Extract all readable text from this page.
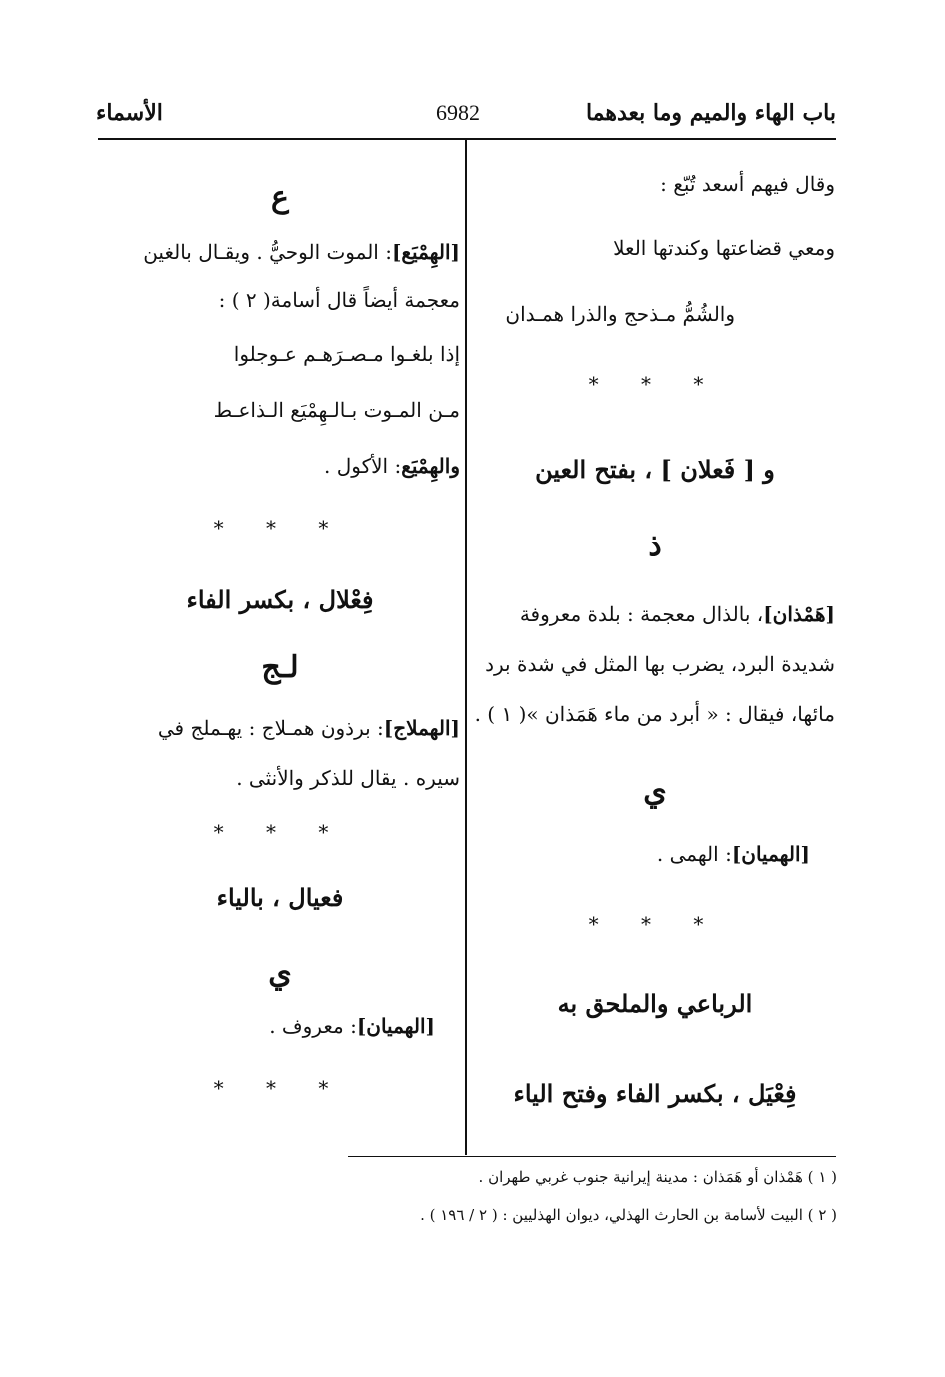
باب الهاء والميم وما بعدهما
6982
الأسماء
وقال فيهم أسعد تُبّع :
ومعي قضاعتها وكندتها العلا
والشُمُّ مـذحج والذرا همـدان
* * *
و [ فَعلان ] ، بفتح العين
ذ
[هَمْذان]، بالذال معجمة : بلدة معروفة
شديدة البرد، يضرب بها المثل في شدة برد
مائها، فيقال : « أبرد من ماء هَمَذان »( ١ ) .
ي
[الهميان]: الهمى .
* * *
الرباعي والملحق به
فِعْيَل ، بكسر الفاء وفتح الياء
ع
[الهِمْيَع]: الموت الوحيُّ . ويقـال بالغين
معجمة أيضاً قال أسامة( ٢ ) :
إذا بلغـوا مـصـرَهـم عـوجلوا
مـن المـوت بـالـهِمْيَع الـذاعـط
والهِمْيَع: الأكول .
* * *
فِعْلال ، بكسر الفاء
لـج
[الهملاج]: برذون همـلاج : يهـملج في
سيره . يقال للذكر والأنثى .
* * *
فعيال ، بالياء
ي
[الهميان]: معروف .
* * *
( ١ ) هَمْذان أو هَمَذان : مدينة إيرانية جنوب غربي طهران .
( ٢ ) البيت لأسامة بن الحارث الهذلي، ديوان الهذليين : ( ٢ / ١٩٦ ) .
